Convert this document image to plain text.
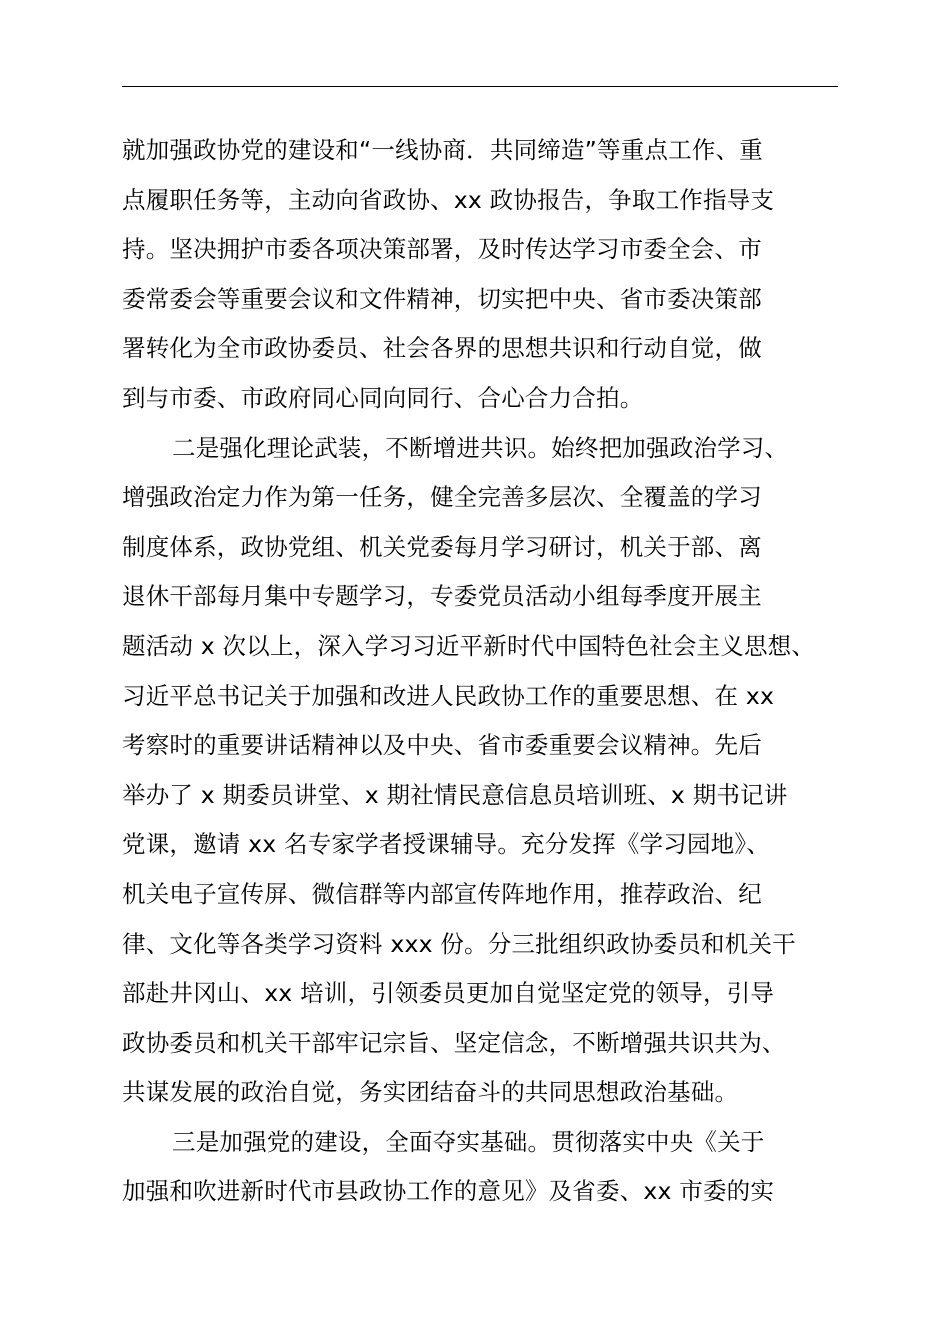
就加强政协党的建设和“一线协商．共同缔造”等重点工作、重
点履职任务等，主动向省政协、xx 政协报告，争取工作指导支
持。坚决拥护市委各项决策部署，及时传达学习市委全会、市
委常委会等重要会议和文件精神，切实把中央、省市委决策部
署转化为全市政协委员、社会各界的思想共识和行动自觉，做
到与市委、市政府同心同向同行、合心合力合拍。
二是强化理论武装，不断增进共识。始终把加强政治学习、
增强政治定力作为第一任务，健全完善多层次、全覆盖的学习
制度体系，政协党组、机关党委每月学习研讨，机关于部、离
退休干部每月集中专题学习，专委党员活动小组每季度开展主
题活动 x 次以上，深入学习习近平新时代中国特色社会主义思想、
习近平总书记关于加强和改进人民政协工作的重要思想、在 xx
考察时的重要讲话精神以及中央、省市委重要会议精神。先后
举办了 x 期委员讲堂、x 期社情民意信息员培训班、x 期书记讲
党课，邀请 xx 名专家学者授课辅导。充分发挥《学习园地》、
机关电子宣传屏、微信群等内部宣传阵地作用，推荐政治、纪
律、文化等各类学习资料 xxx 份。分三批组织政协委员和机关干
部赴井冈山、xx 培训，引领委员更加自觉坚定党的领导，引导
政协委员和机关干部牢记宗旨、坚定信念，不断增强共识共为、
共谋发展的政治自觉，务实团结奋斗的共同思想政治基础。
三是加强党的建设，全面夺实基础。贯彻落实中央《关于
加强和吹进新时代市县政协工作的意见》及省委、xx 市委的实
